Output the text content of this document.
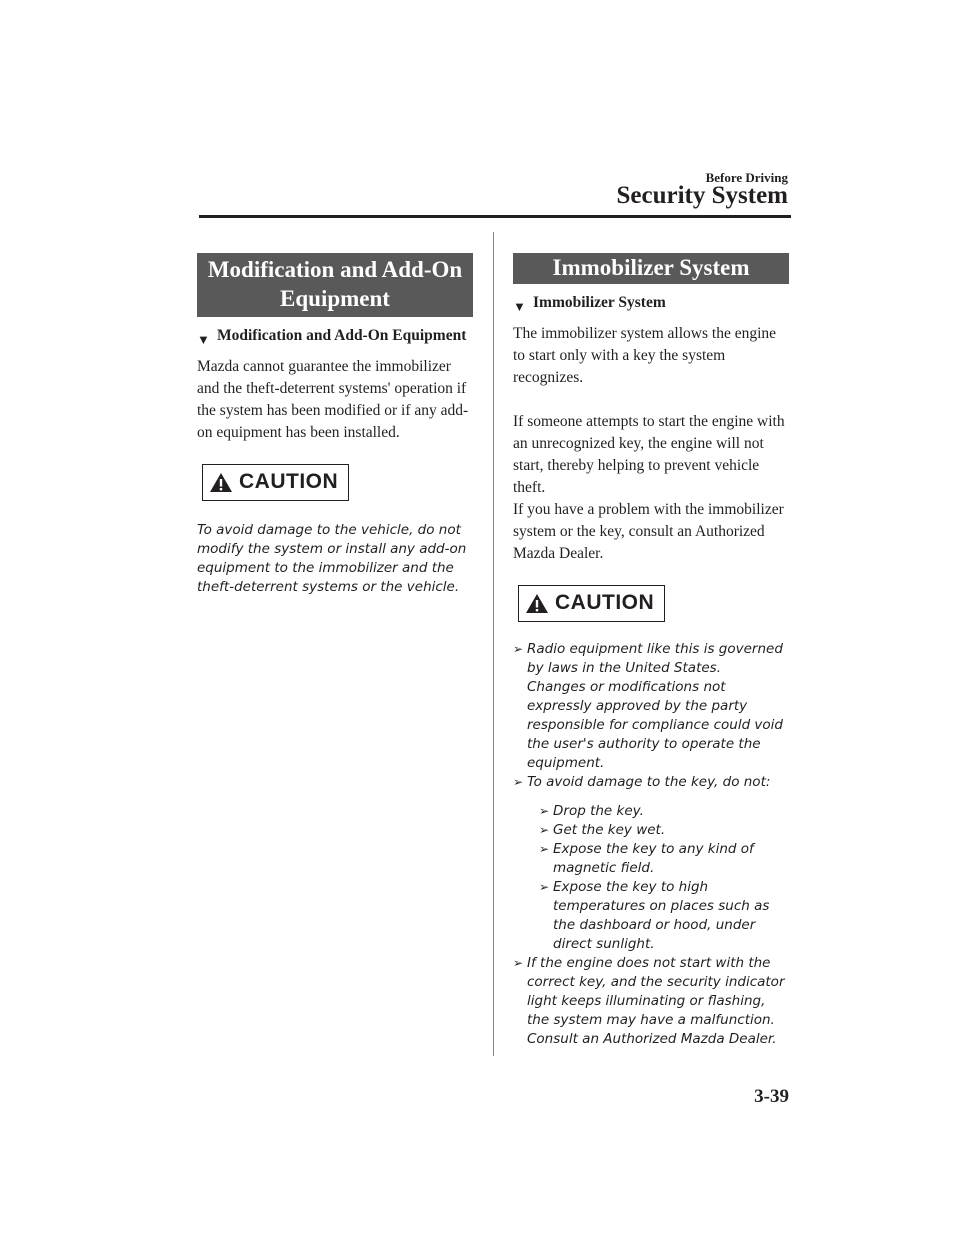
Before Driving
Security System
Modification and Add-On Equipment
▼ Modification and Add-On Equipment
Mazda cannot guarantee the immobilizer and the theft-deterrent systems' operation if the system has been modified or if any add-on equipment has been installed.
CAUTION
To avoid damage to the vehicle, do not modify the system or install any add-on equipment to the immobilizer and the theft-deterrent systems or the vehicle.
Immobilizer System
▼ Immobilizer System
The immobilizer system allows the engine to start only with a key the system recognizes.
If someone attempts to start the engine with an unrecognized key, the engine will not start, thereby helping to prevent vehicle theft.
If you have a problem with the immobilizer system or the key, consult an Authorized Mazda Dealer.
CAUTION
➢ Radio equipment like this is governed by laws in the United States.
Changes or modifications not expressly approved by the party responsible for compliance could void the user's authority to operate the equipment.
➢ To avoid damage to the key, do not:
➢ Drop the key.
➢ Get the key wet.
➢ Expose the key to any kind of magnetic field.
➢ Expose the key to high temperatures on places such as the dashboard or hood, under direct sunlight.
➢ If the engine does not start with the correct key, and the security indicator light keeps illuminating or flashing, the system may have a malfunction. Consult an Authorized Mazda Dealer.
3-39
